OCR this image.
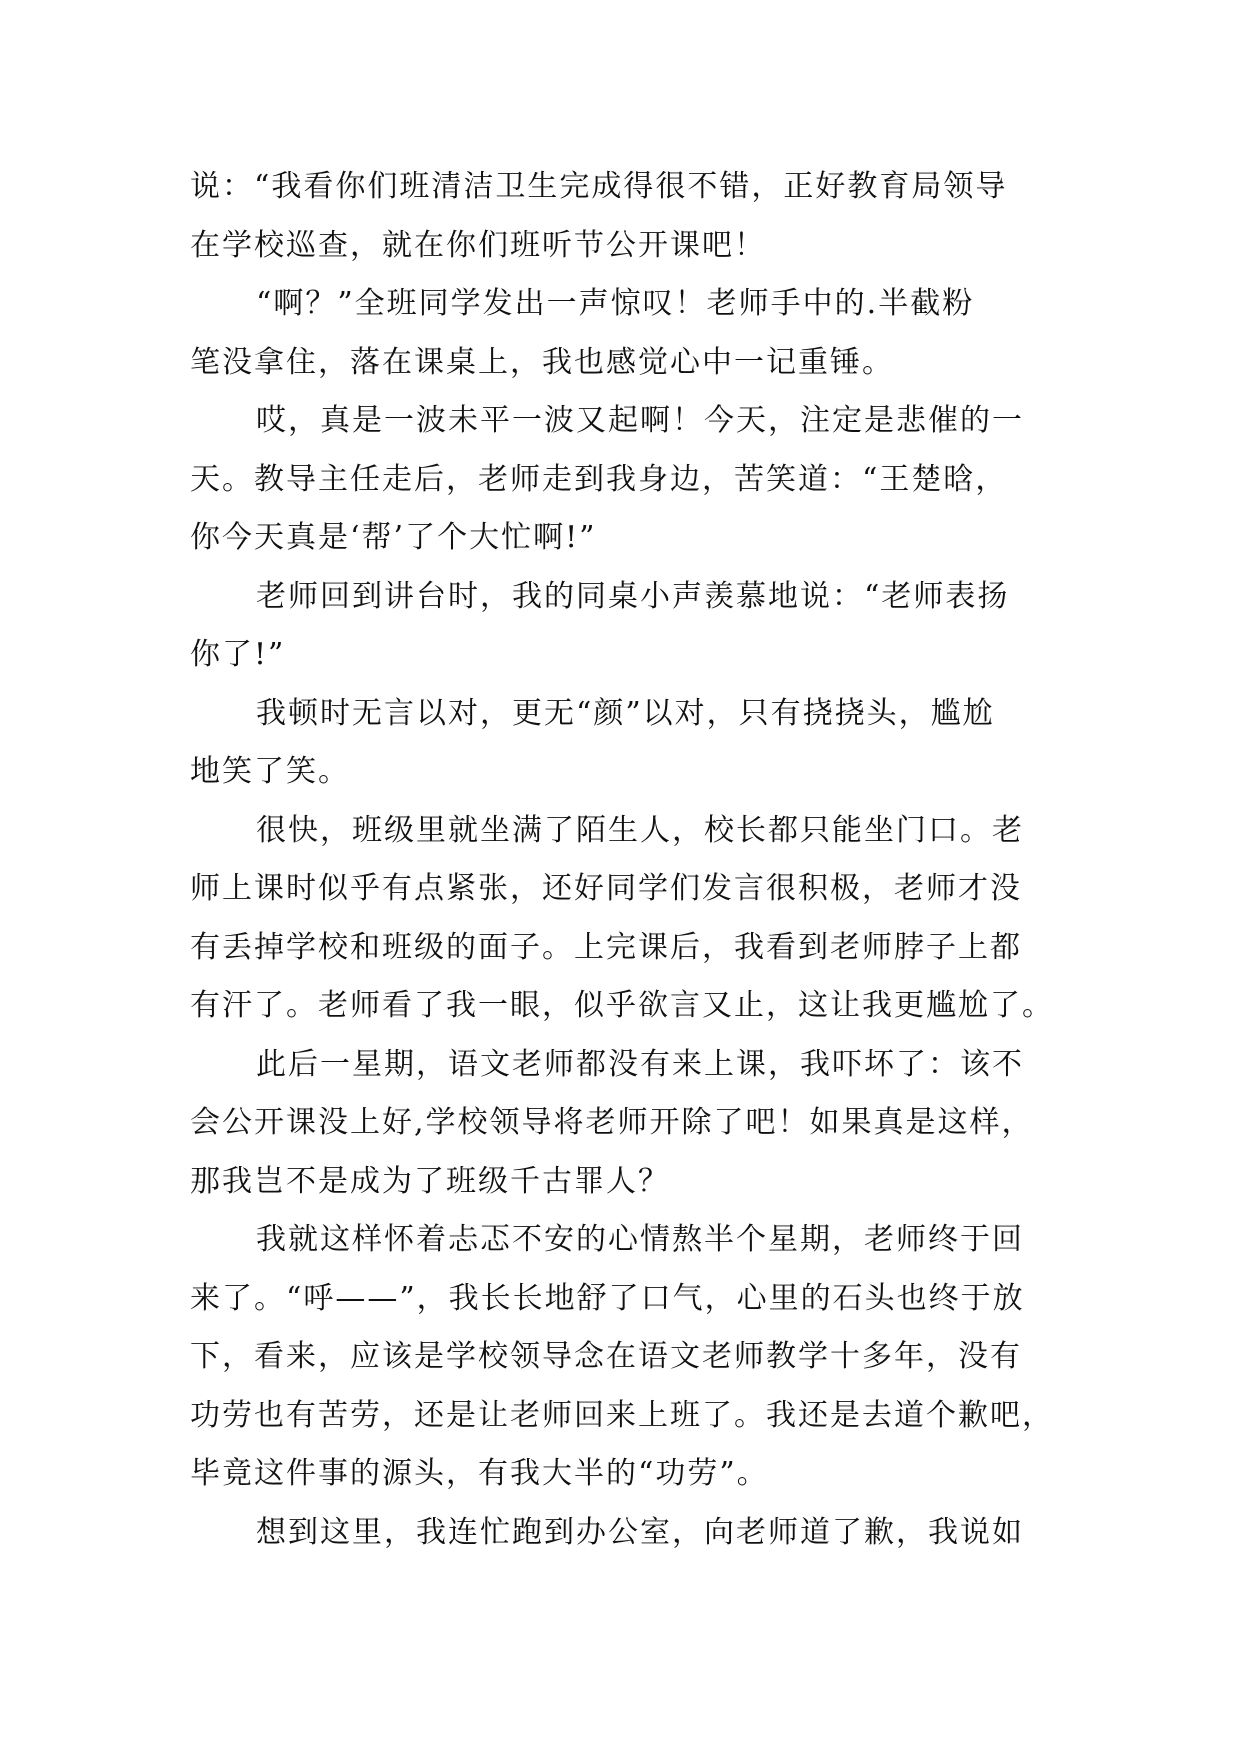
说：“我看你们班清洁卫生完成得很不错，正好教育局领导
在学校巡查，就在你们班听节公开课吧！
“啊？”全班同学发出一声惊叹！老师手中的.半截粉
笔没拿住，落在课桌上，我也感觉心中一记重锤。
哎，真是一波未平一波又起啊！今天，注定是悲催的一
天。教导主任走后，老师走到我身边，苦笑道：“王楚晗，
你今天真是‘帮’了个大忙啊!”
老师回到讲台时，我的同桌小声羡慕地说：“老师表扬
你了!”
我顿时无言以对，更无“颜”以对，只有挠挠头，尴尬
地笑了笑。
很快，班级里就坐满了陌生人，校长都只能坐门口。老
师上课时似乎有点紧张，还好同学们发言很积极，老师才没
有丢掉学校和班级的面子。上完课后，我看到老师脖子上都
有汗了。老师看了我一眼，似乎欲言又止，这让我更尴尬了。
此后一星期，语文老师都没有来上课，我吓坏了：该不
会公开课没上好,学校领导将老师开除了吧！如果真是这样，
那我岂不是成为了班级千古罪人？
我就这样怀着忐忑不安的心情熬半个星期，老师终于回
来了。“呼——”，我长长地舒了口气，心里的石头也终于放
下，看来，应该是学校领导念在语文老师教学十多年，没有
功劳也有苦劳，还是让老师回来上班了。我还是去道个歉吧，
毕竟这件事的源头，有我大半的“功劳”。
想到这里，我连忙跑到办公室，向老师道了歉，我说如
